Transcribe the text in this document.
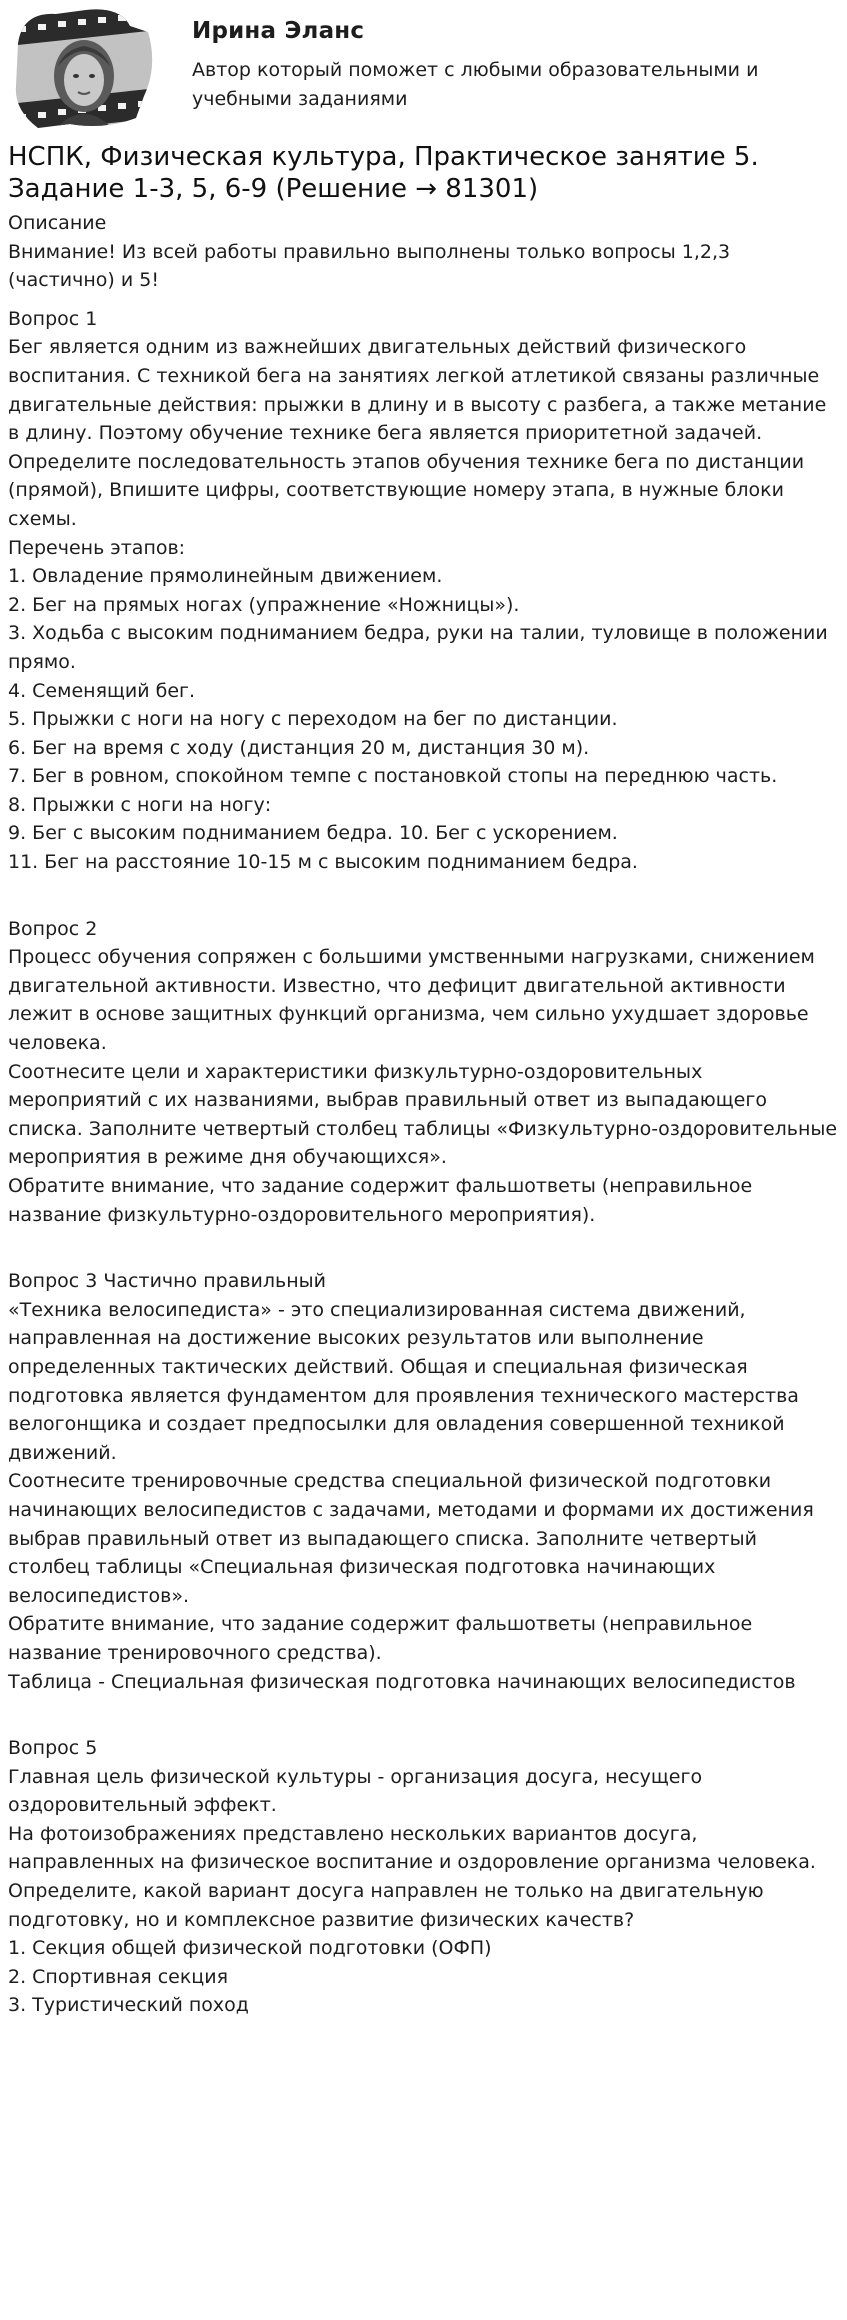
Ирина Эланс

Автор который поможет с любыми образовательными и учебными заданиями

НСПК, Физическая культура, Практическое занятие 5. Задание 1-3, 5, 6-9 (Решение → 81301)

Описание

Внимание! Из всей работы правильно выполнены только вопросы 1,2,3 (частично) и 5!

Вопрос 1

Бег является одним из важнейших двигательных действий физического воспитания. С техникой бега на занятиях легкой атлетикой связаны различные двигательные действия: прыжки в длину и в высоту с разбега, а также метание в длину. Поэтому обучение технике бега является приоритетной задачей. Определите последовательность этапов обучения технике бега по дистанции (прямой), Впишите цифры, соответствующие номеру этапа, в нужные блоки схемы.

Перечень этапов:

1. Овладение прямолинейным движением.

2. Бег на прямых ногах (упражнение «Ножницы»).

3. Ходьба с высоким подниманием бедра, руки на талии, туловище в положении прямо.

4. Семенящий бег.

5. Прыжки с ноги на ногу с переходом на бег по дистанции.

6. Бег на время с ходу (дистанция 20 м, дистанция 30 м).

7. Бег в ровном, спокойном темпе с постановкой стопы на переднюю часть.

8. Прыжки с ноги на ногу:

9. Бег с высоким подниманием бедра. 10. Бег с ускорением.

11. Бег на расстояние 10-15 м с высоким подниманием бедра.

Вопрос 2

Процесс обучения сопряжен с большими умственными нагрузками, снижением двигательной активности. Известно, что дефицит двигательной активности лежит в основе защитных функций организма, чем сильно ухудшает здоровье человека.

Соотнесите цели и характеристики физкультурно-оздоровительных мероприятий с их названиями, выбрав правильный ответ из выпадающего списка. Заполните четвертый столбец таблицы «Физкультурно-оздоровительные мероприятия в режиме дня обучающихся».

Обратите внимание, что задание содержит фальшответы (неправильное название физкультурно-оздоровительного мероприятия).

Вопрос 3 Частично правильный

«Техника велосипедиста» - это специализированная система движений, направленная на достижение высоких результатов или выполнение определенных тактических действий. Общая и специальная физическая подготовка является фундаментом для проявления технического мастерства велогонщика и создает предпосылки для овладения совершенной техникой движений.

Соотнесите тренировочные средства специальной физической подготовки начинающих велосипедистов с задачами, методами и формами их достижения выбрав правильный ответ из выпадающего списка. Заполните четвертый

столбец таблицы «Специальная физическая подготовка начинающих велосипедистов».

Обратите внимание, что задание содержит фальшответы (неправильное название тренировочного средства).

Таблица - Специальная физическая подготовка начинающих велосипедистов

Вопрос 5

Главная цель физической культуры - организация досуга, несущего оздоровительный эффект.

На фотоизображениях представлено нескольких вариантов досуга, направленных на физическое воспитание и оздоровление организма человека. Определите, какой вариант досуга направлен не только на двигательную подготовку, но и комплексное развитие физических качеств?

1. Секция общей физической подготовки (ОФП)

2. Спортивная секция

3. Туристический поход
